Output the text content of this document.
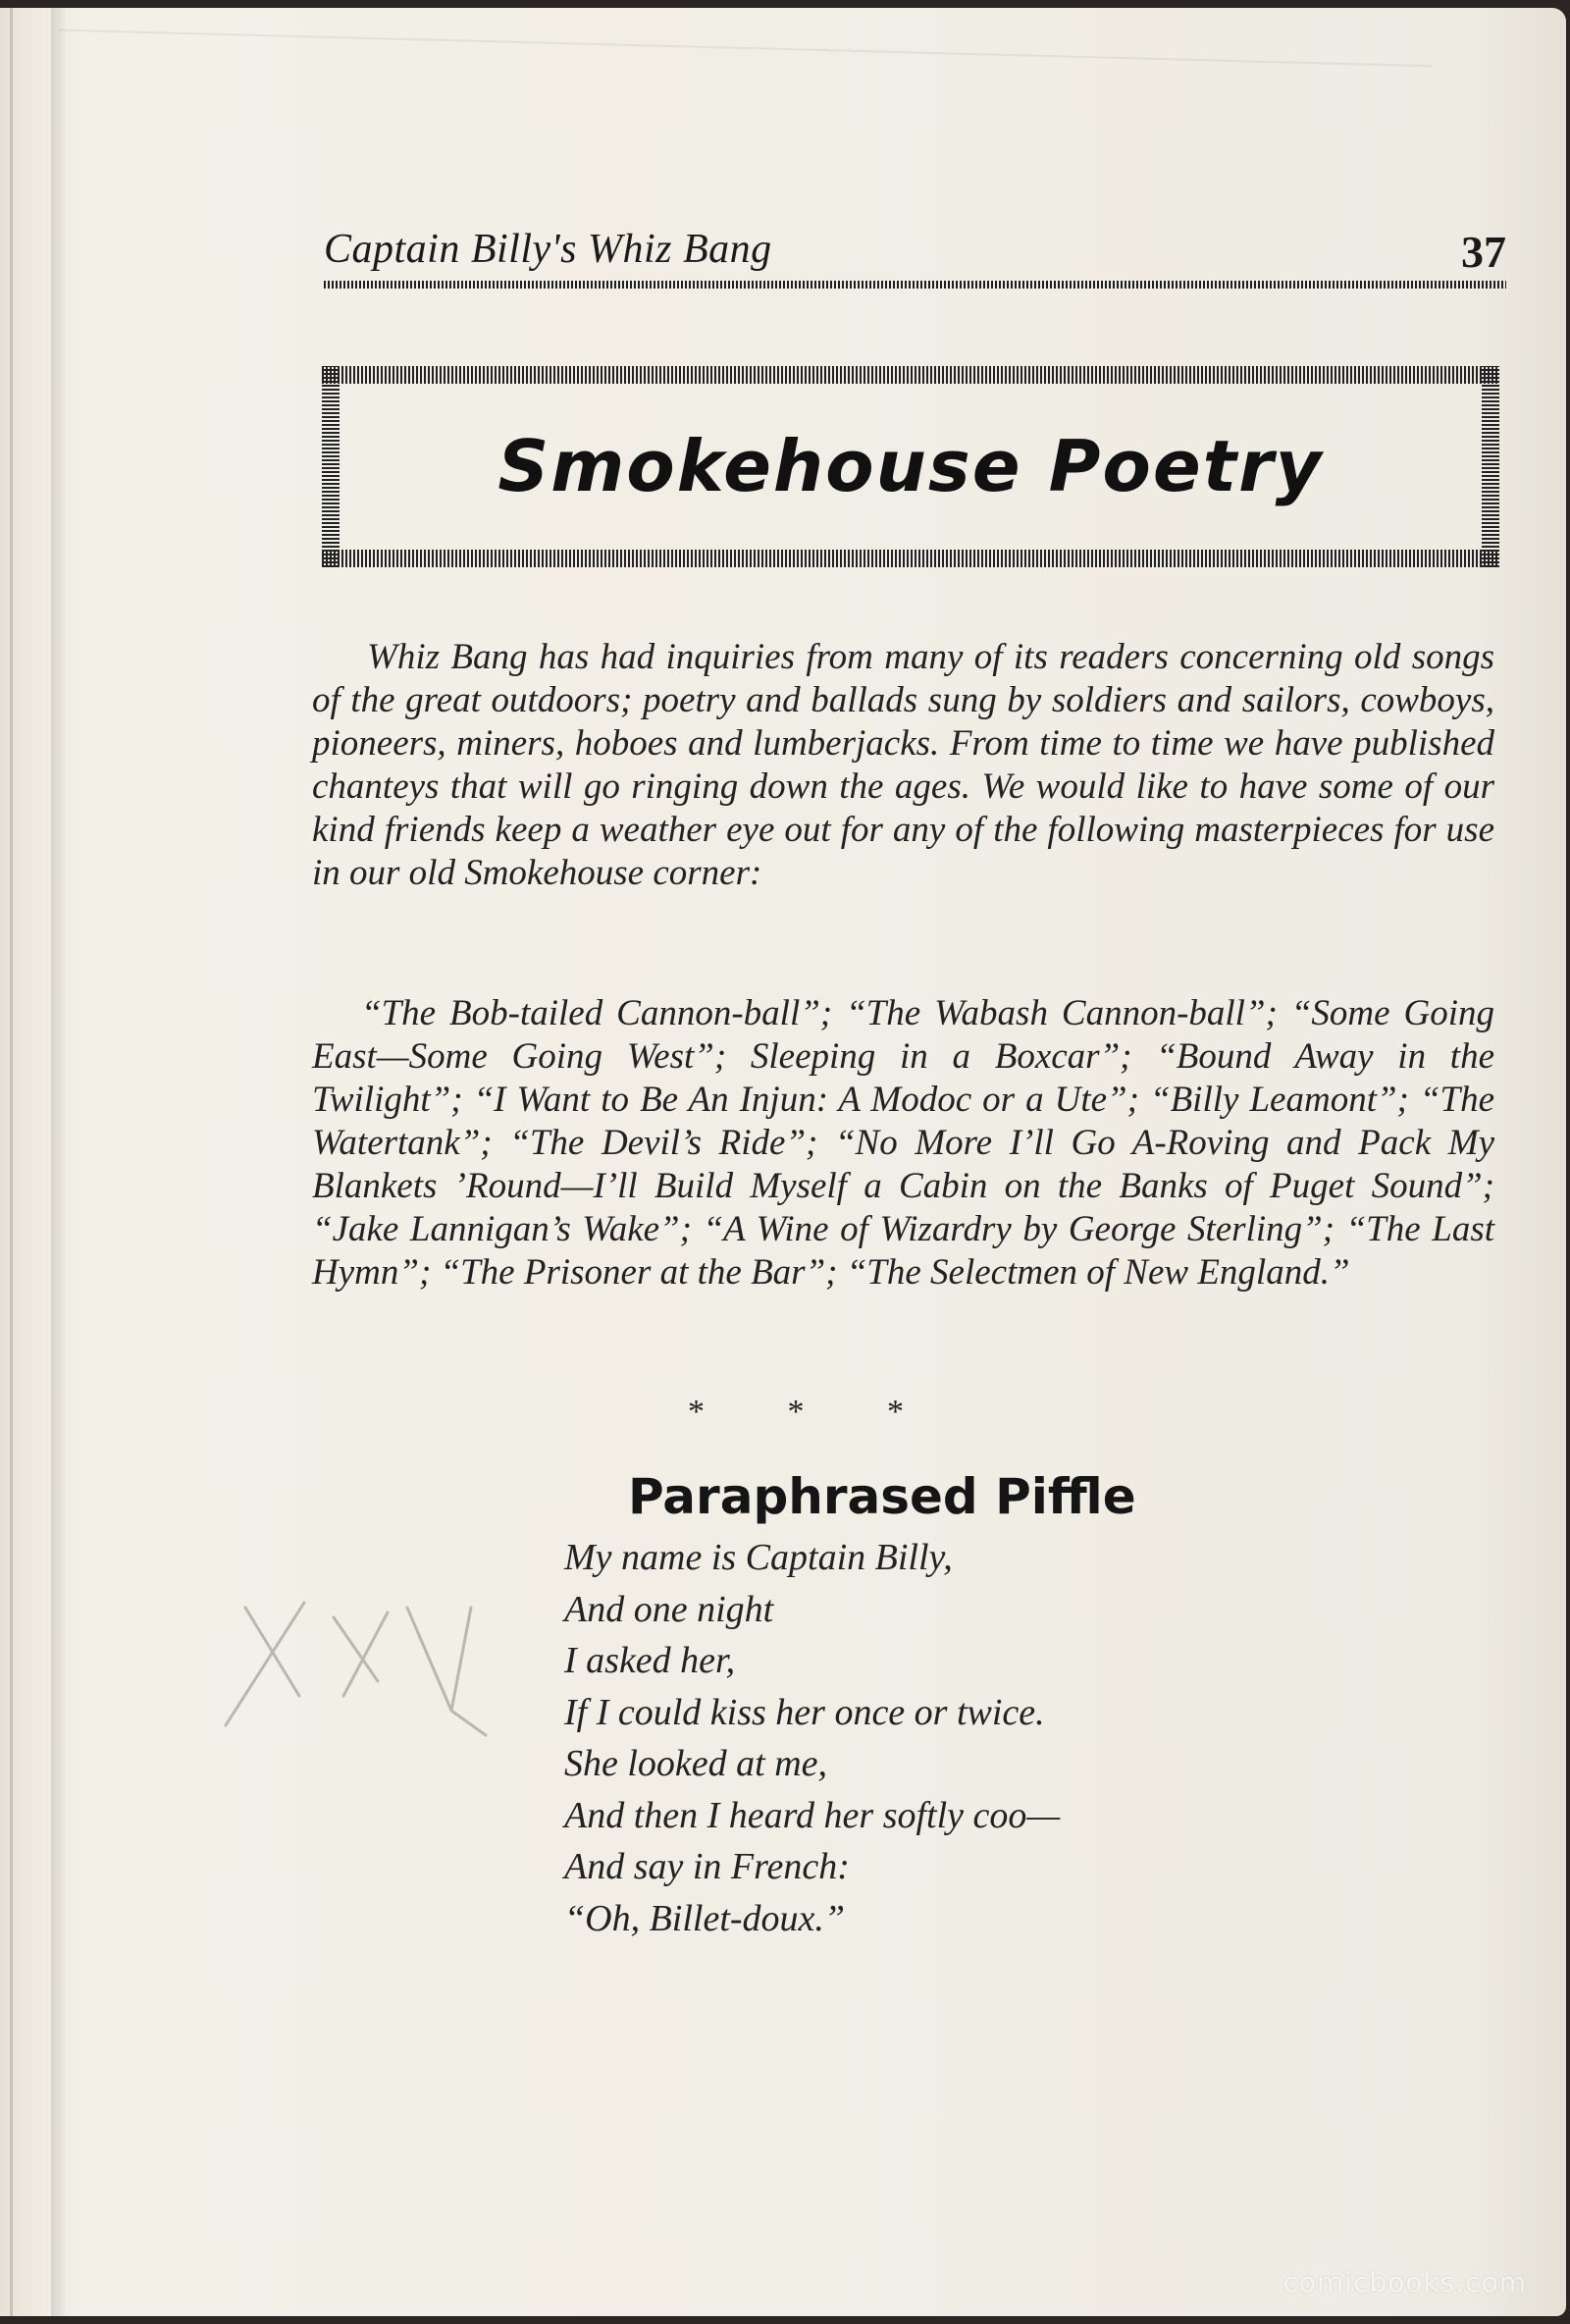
Captain Billy's Whiz Bang	37
Smokehouse Poetry

Whiz Bang has had inquiries from many of its readers concerning old songs of the great outdoors; poetry and ballads sung by soldiers and sailors, cowboys, pioneers, miners, hoboes and lumberjacks. From time to time we have published chanteys that will go ringing down the ages. We would like to have some of our kind friends keep a weather eye out for any of the following masterpieces for use in our old Smokehouse corner:

“The Bob-tailed Cannon-ball”; “The Wabash Cannon-ball”; “Some Going East—Some Going West”; Sleeping in a Boxcar”; “Bound Away in the Twilight”; “I Want to Be An Injun: A Modoc or a Ute”; “Billy Leamont”; “The Watertank”; “The Devil’s Ride”; “No More I’ll Go A-Roving and Pack My Blankets ’Round—I’ll Build Myself a Cabin on the Banks of Puget Sound”; “Jake Lannigan’s Wake”; “A Wine of Wizardry by George Sterling”; “The Last Hymn”; “The Prisoner at the Bar”; “The Selectmen of New England.”

* * *
Paraphrased Piffle
My name is Captain Billy,
And one night
I asked her,
If I could kiss her once or twice.
She looked at me,
And then I heard her softly coo—
And say in French:
“Oh, Billet-doux.”
comicbooks.com
